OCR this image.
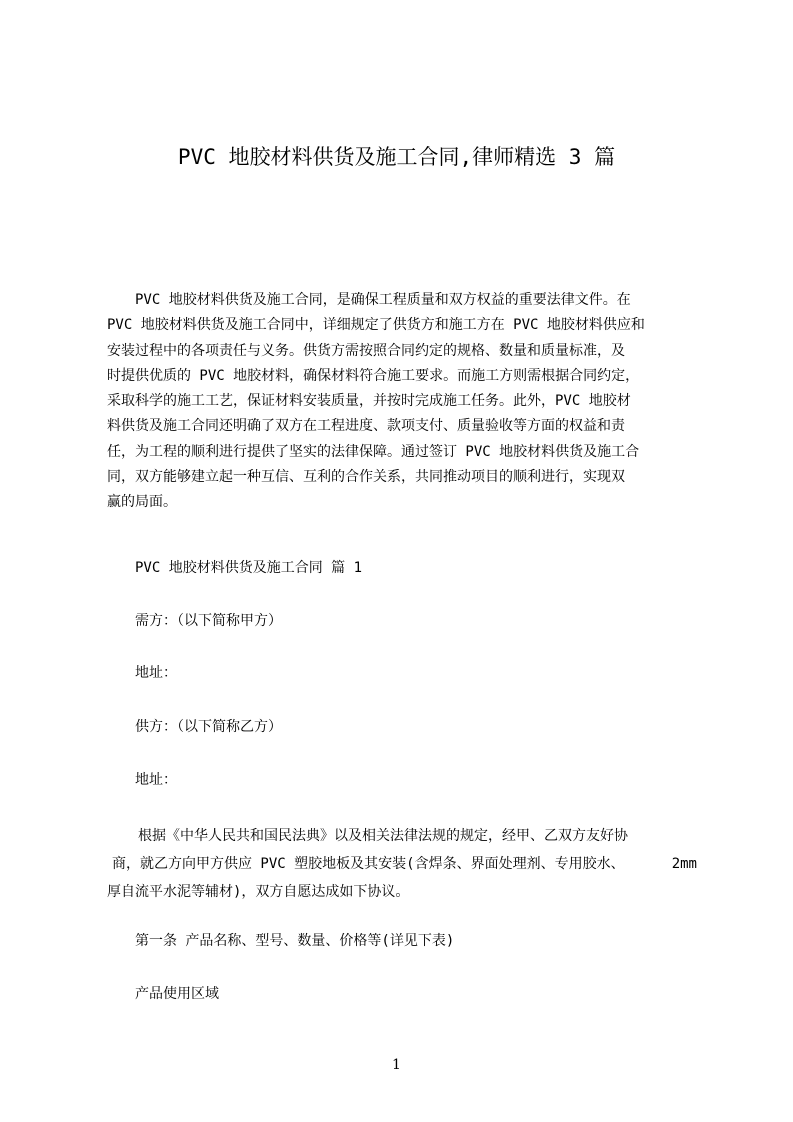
PVC 地胶材料供货及施工合同,律师精选 3 篇

PVC 地胶材料供货及施工合同，是确保工程质量和双方权益的重要法律文件。在
PVC 地胶材料供货及施工合同中，详细规定了供货方和施工方在 PVC 地胶材料供应和
安装过程中的各项责任与义务。供货方需按照合同约定的规格、数量和质量标准，及
时提供优质的 PVC 地胶材料，确保材料符合施工要求。而施工方则需根据合同约定，
采取科学的施工工艺，保证材料安装质量，并按时完成施工任务。此外，PVC 地胶材
料供货及施工合同还明确了双方在工程进度、款项支付、质量验收等方面的权益和责
任，为工程的顺利进行提供了坚实的法律保障。通过签订 PVC 地胶材料供货及施工合
同，双方能够建立起一种互信、互利的合作关系，共同推动项目的顺利进行，实现双
赢的局面。

PVC 地胶材料供货及施工合同 篇 1

需方：（以下简称甲方）

地址：

供方：（以下简称乙方）

地址：

根据《中华人民共和国民法典》以及相关法律法规的规定，经甲、乙双方友好协
商，就乙方向甲方供应 PVC 塑胶地板及其安装(含焊条、界面处理剂、专用胶水、	2mm
厚自流平水泥等辅材)，双方自愿达成如下协议。

第一条 产品名称、型号、数量、价格等(详见下表)

产品使用区域

1
